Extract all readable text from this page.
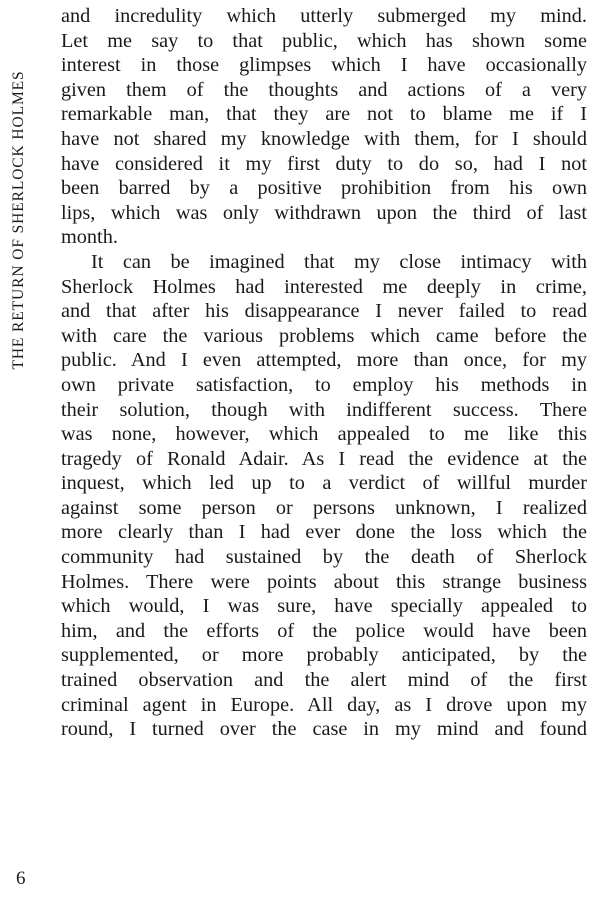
THE RETURN OF SHERLOCK HOLMES
and incredulity which utterly submerged my mind.
Let me say to that public, which has shown some
interest in those glimpses which I have occasionally
given them of the thoughts and actions of a very
remarkable man, that they are not to blame me if I
have not shared my knowledge with them, for I should
have considered it my first duty to do so, had I not
been barred by a positive prohibition from his own
lips, which was only withdrawn upon the third of last
month.
It can be imagined that my close intimacy with
Sherlock Holmes had interested me deeply in crime,
and that after his disappearance I never failed to read
with care the various problems which came before the
public. And I even attempted, more than once, for my
own private satisfaction, to employ his methods in
their solution, though with indifferent success. There
was none, however, which appealed to me like this
tragedy of Ronald Adair. As I read the evidence at the
inquest, which led up to a verdict of willful murder
against some person or persons unknown, I realized
more clearly than I had ever done the loss which the
community had sustained by the death of Sherlock
Holmes. There were points about this strange business
which would, I was sure, have specially appealed to
him, and the efforts of the police would have been
supplemented, or more probably anticipated, by the
trained observation and the alert mind of the first
criminal agent in Europe. All day, as I drove upon my
round, I turned over the case in my mind and found
6
